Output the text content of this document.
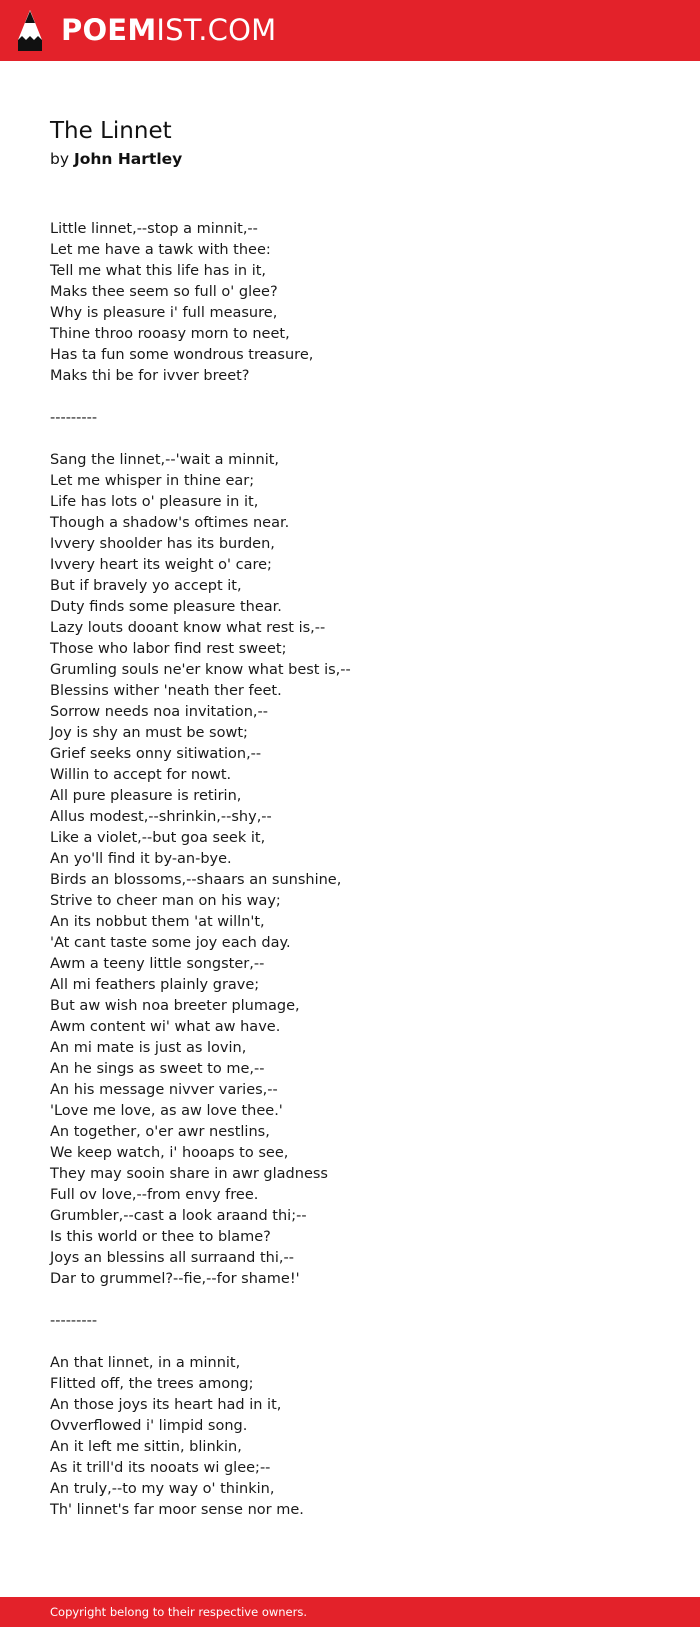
POEMIST.COM
The Linnet
by John Hartley
Little linnet,--stop a minnit,--
Let me have a tawk with thee:
Tell me what this life has in it,
Maks thee seem so full o' glee?
Why is pleasure i' full measure,
Thine throo rooasy morn to neet,
Has ta fun some wondrous treasure,
Maks thi be for ivver breet?
---------
Sang the linnet,--'wait a minnit,
Let me whisper in thine ear;
Life has lots o' pleasure in it,
Though a shadow's oftimes near.
Ivvery shoolder has its burden,
Ivvery heart its weight o' care;
But if bravely yo accept it,
Duty finds some pleasure thear.
Lazy louts dooant know what rest is,--
Those who labor find rest sweet;
Grumling souls ne'er know what best is,--
Blessins wither 'neath ther feet.
Sorrow needs noa invitation,--
Joy is shy an must be sowt;
Grief seeks onny sitiwation,--
Willin to accept for nowt.
All pure pleasure is retirin,
Allus modest,--shrinkin,--shy,--
Like a violet,--but goa seek it,
An yo'll find it by-an-bye.
Birds an blossoms,--shaars an sunshine,
Strive to cheer man on his way;
An its nobbut them 'at willn't,
'At cant taste some joy each day.
Awm a teeny little songster,--
All mi feathers plainly grave;
But aw wish noa breeter plumage,
Awm content wi' what aw have.
An mi mate is just as lovin,
An he sings as sweet to me,--
An his message nivver varies,--
'Love me love, as aw love thee.'
An together, o'er awr nestlins,
We keep watch, i' hooaps to see,
They may sooin share in awr gladness
Full ov love,--from envy free.
Grumbler,--cast a look araand thi;--
Is this world or thee to blame?
Joys an blessins all surraand thi,--
Dar to grummel?--fie,--for shame!'
---------
An that linnet, in a minnit,
Flitted off, the trees among;
An those joys its heart had in it,
Ovverflowed i' limpid song.
An it left me sittin, blinkin,
As it trill'd its nooats wi glee;--
An truly,--to my way o' thinkin,
Th' linnet's far moor sense nor me.
Copyright belong to their respective owners.
